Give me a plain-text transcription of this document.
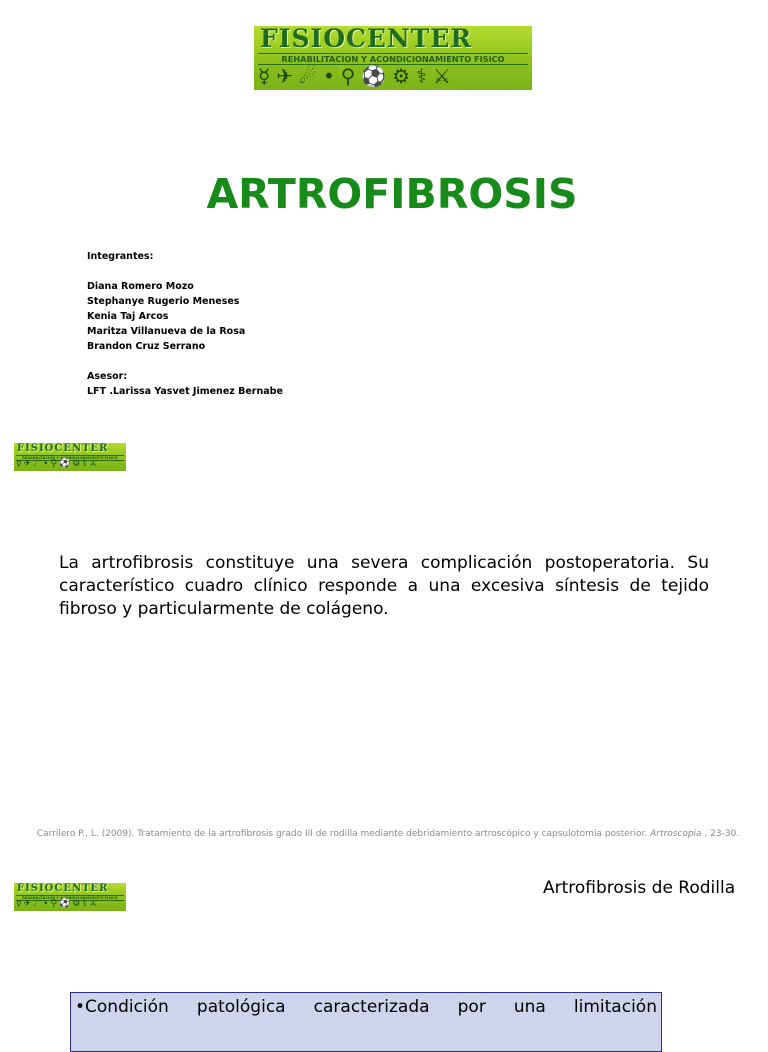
FISIOCENTER
REHABILITACION Y ACONDICIONAMIENTO FISICO
☿✈☄•⚲⚽⚙⚕⚔
ARTROFIBROSIS
Integrantes:
Diana Romero Mozo
Stephanye Rugerio Meneses
Kenia Taj Arcos
Maritza Villanueva de la Rosa
Brandon Cruz Serrano
Asesor:
LFT .Larissa Yasvet Jimenez Bernabe
FISIOCENTER
REHABILITACION Y ACONDICIONAMIENTO FISICO
☿✈☄•⚲⚽⚙⚕⚔
La artrofibrosis constituye una severa complicación postoperatoria. Su característico cuadro clínico responde a una excesiva síntesis de tejido fibroso y particularmente de colágeno.
Carrilero P., L. (2009). Tratamiento de la artrofibrosis grado III de rodilla mediante debridamiento artroscópico y capsulotomia posterior. Artroscopia , 23-30.
FISIOCENTER
REHABILITACION Y ACONDICIONAMIENTO FISICO
☿✈☄•⚲⚽⚙⚕⚔
Artrofibrosis de Rodilla
•Condición patológica caracterizada por una limitación
